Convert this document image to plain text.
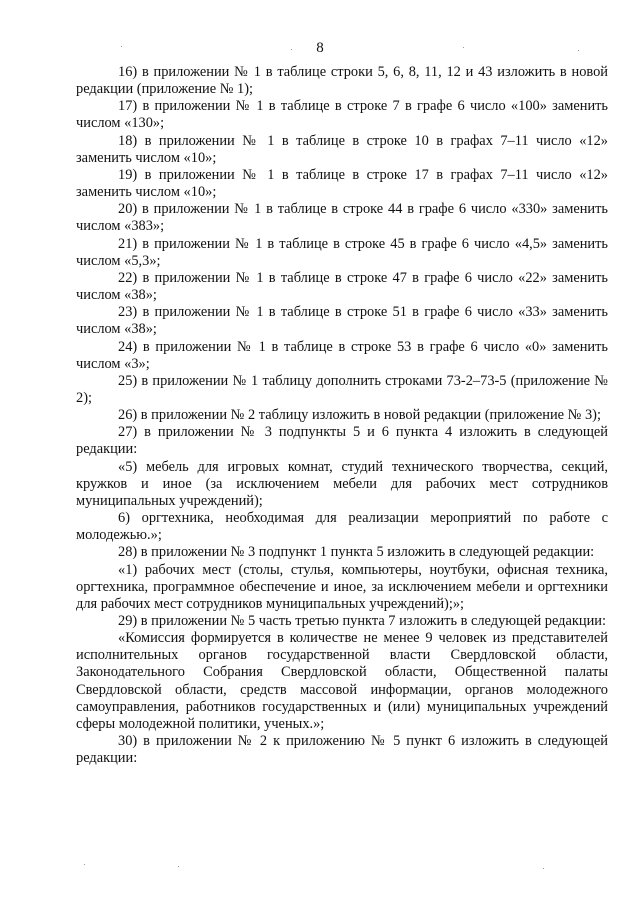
8

16) в приложении № 1 в таблице строки 5, 6, 8, 11, 12 и 43 изложить в новой редакции (приложение № 1);

17) в приложении № 1 в таблице в строке 7 в графе 6 число «100» заменить числом «130»;

18) в приложении № 1 в таблице в строке 10 в графах 7–11 число «12» заменить числом «10»;

19) в приложении № 1 в таблице в строке 17 в графах 7–11 число «12» заменить числом «10»;

20) в приложении № 1 в таблице в строке 44 в графе 6 число «330» заменить числом «383»;

21) в приложении № 1 в таблице в строке 45 в графе 6 число «4,5» заменить числом «5,3»;

22) в приложении № 1 в таблице в строке 47 в графе 6 число «22» заменить числом «38»;

23) в приложении № 1 в таблице в строке 51 в графе 6 число «33» заменить числом «38»;

24) в приложении № 1 в таблице в строке 53 в графе 6 число «0» заменить числом «3»;

25) в приложении № 1 таблицу дополнить строками 73-2–73-5 (приложение № 2);

26) в приложении № 2 таблицу изложить в новой редакции (приложение № 3);

27) в приложении № 3 подпункты 5 и 6 пункта 4 изложить в следующей редакции:

«5) мебель для игровых комнат, студий технического творчества, секций, кружков и иное (за исключением мебели для рабочих мест сотрудников муниципальных учреждений);

6) оргтехника, необходимая для реализации мероприятий по работе с молодежью.»;

28) в приложении № 3 подпункт 1 пункта 5 изложить в следующей редакции:

«1) рабочих мест (столы, стулья, компьютеры, ноутбуки, офисная техника, оргтехника, программное обеспечение и иное, за исключением мебели и оргтехники для рабочих мест сотрудников муниципальных учреждений);»;

29) в приложении № 5 часть третью пункта 7 изложить в следующей редакции:

«Комиссия формируется в количестве не менее 9 человек из представителей исполнительных органов государственной власти Свердловской области, Законодательного Собрания Свердловской области, Общественной палаты Свердловской области, средств массовой информации, органов молодежного самоуправления, работников государственных и (или) муниципальных учреждений сферы молодежной политики, ученых.»;

30) в приложении № 2 к приложению № 5 пункт 6 изложить в следующей редакции:
